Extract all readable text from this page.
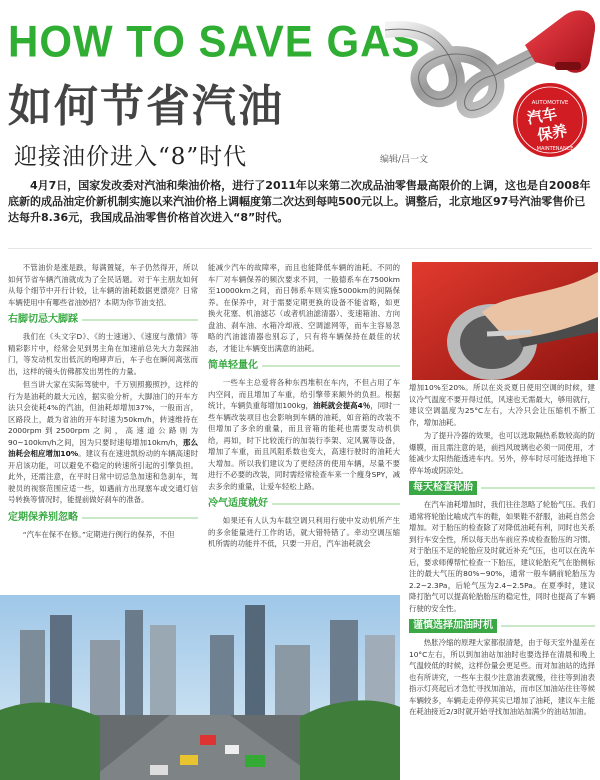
HOW TO SAVE GAS
如何节省汽油
迎接油价进入“8”时代	编辑/吕一文
AUTOMOTIVE
汽车
保养
MAINTENANCE
4月7日，国家发改委对汽油和柴油价格，进行了2011年以来第二次成品油零售最高限价的上调，这也是自2008年底新的成品油定价新机制实施以来汽油价格上调幅度第二次达到每吨500元以上。调整后，北京地区97号汽油零售价已达每升8.36元，我国成品油零售价格首次进入“8”时代。

不管油价是涨是跌，每满置疑，车子仍然得开，所以如何节省车辆汽油就成为了全民话题。对于车主朋友如何从每个细节中开行计较，让车辆的油耗数据更漂亮？日常车辆使用中有哪些省油妙招？本期为你节油支招。

右脚切忌大脚踩

我们在《头文字D》、《的士速递》、《速度与激情》等精彩影片中，经常会见到男主角在加速前总先大力轰踩油门，等发动机发出低沉的咆哮声后，车子也在瞬间离弦而出，这样的镜头仿佛都发出男性的力量。

但当讲大家在实际驾驶中，千万别照搬照抄，这样的行为是油耗的最大元凶，据实验分析，大脚油门的开车方法只会徒耗4%的汽油，但油耗却增加37%，一般而言，区路段上，最为省油的开车时速为50km/h，转速维持在2000rpm到2500rpm之间，高速道公路则为90~100km/h之间，因为只要时速每增加10km/h，那么油耗会相应增加10%。建议有在速进凯纷动的车辆高速时开启该功能，可以避免不稳定的转速所引起的引擎负担。此外，还需注意，在平时日常中切忌急加速和急刹车，驾驶员的视察范围应适一些，如遇前方出现塞车或交通灯信号转换等情况时，能提前做好刹车的准备。

定期保养别忽略

“汽车在保不在修。”定期进行例行的保养，不但

能减少汽车的故障率，而且也能降低车辆的油耗。不同的车厂对车辆保养的频次要求不同，一般德系车在7500km至10000km之间，而日韩系车则实施5000km的间隔保养。在保养中，对于需要定期更换的设备不能省略，如更换火花塞、机油滤芯（或者机油滤清器）、变速箱油、方向盘油、刹车油、水箱冷却液、空调滤网等，而车主容易忽略的汽油滤清器也别忘了，只有将车辆保持在最佳的状态，才能让车辆变出满意的油耗。

简单轻量化

一些车主总爱将各种东西堆积在车内，不但占用了车内空间，而且增加了车重，给引擎带来额外的负担。根据统计，车辆负重每增加100kg，油耗就会提高4％，同时一些车辆改装项目也会影响到车辆的油耗，如音箱的改装不但增加了多余的重量，而且音箱的能耗也需要发动机供给，再如，时下比较流行的加装行李架、定风翼等设备，增加了车重，而且风阻系数也变大，高速行驶时的油耗大大增加。所以我们建议为了更经济的使用车辆，尽量不要进行不必要的改装，同时需经常检查车来一个瘦身SPY，减去多余的重量，让爱车轻松上路。

冷气适度就好

如果还有人认为车载空调只利用行驶中发动机所产生的多余能量进行工作的话，就大错特错了。牵动空调压缩机所需的功能并不低，只要一开启，汽车油耗就会

增加10%至20%。所以在炎炎夏日使用空调的时候，建议冷气温度不要开得过低，风速也无需最大，够用就行，建议空调温度为25°C左右，大冷只会让压缩机不断工作，增加油耗。

为了提升冷器的效果，也可以选取隔热系数较高的防爆膜，而且需注意的是，前挡风玻璃也必须一同使用，才能减少太阳热能透进车内。另外，停车时尽可能选择地下停车场或阴凉处。

每天检查轮胎

在汽车油耗增加时，我们往往忽略了轮胎气压。我们通常将轮胎比喻成汽车的鞋，如果鞋不舒服，油耗自然会增加。对于胎压的检查除了对降低油耗有利，同时也关系到行车安全性，所以每天出车前应养成检查胎压的习惯。对于胎压不足的轮胎应及时就近补充气压，也可以在洗车后，要求师傅帮忙检查一下胎压，建议轮胎充气在胎侧标注的最大气压的80%~90%，通常一般车辆前轮胎压为2.2~2.3Pa，后轮气压为2.4~2.5Pa。在夏季时，建议降打胎气可以提高轮胎胎压的稳定性，同时也提高了车辆行驶的安全性。

谨慎选择加油时机

热胀冷缩的原理大家都很清楚，由于每天室外温差在10°C左右，所以到加油站加油时也要选择在清晨和晚上气温较低的时候，这样份量会更足些。而对加油站的选择也有所讲究，一些车主很少注意油表就慢，往往等到油表指示灯亮起后才急忙寻找加油站，而市区加油站往往等候车辆较多，车辆走走停停其实已增加了油耗，建议车主能在耗油接近2/3时就开始寻找加油站加满少的油站加油。
